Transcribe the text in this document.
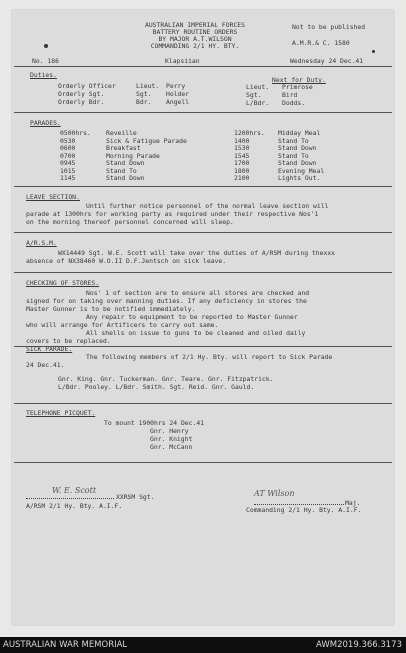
AUSTRALIAN IMPERIAL FORCES
BATTERY ROUTINE ORDERS
BY MAJOR A.T.WILSON
COMMANDING 2/1 HY. BTY.
Not to be published
A.M.R.& C. 1580
No. 186	Klapsiian	Wednesday 24 Dec.41
Duties.
Next for Duty.
Orderly Officer	Lieut. Perry	Lieut. Primrose
Orderly Sgt.	Sgt. Holder	Sgt.	Bird
Orderly Bdr.	Bdr. Angell	L/Bdr. Dodds.
PARADES.
0500hrs. Reveille
0530	Sick & Fatigue Parade
0600	Breakfast
0700	Morning Parade
0945	Stand Down
1015	Stand To
1145	Stand Down
1200hrs. Midday Meal
1400	Stand To
1530	Stand Down
1545	Stand To
1700	Stand Down
1800	Evening Meal
2100	Lights Out.
LEAVE SECTION.
Until further notice personnel of the normal leave section will
parade at 1300hrs for working party as required under their respective Nos'1
on the morning thereof personnel concerned will sleep.
A/R.S.M.
WX14449 Sgt. W.E. Scott will take over the duties of A/RSM during thexxx
absence of NX38460 W.O.II D.F.Jentsch on sick leave.
CHECKING OF STORES.
Nos' 1 of section are to ensure all stores are checked and
signed for on taking over manning duties. If any deficiency in stores the
Master Gunner is to be notified immediately.
Any repair to equipment to be reported to Master Gunner
who will arrange for Artificers to carry out same.
All shells on issue to guns to be cleaned and oiled daily
covers to be replaced.
SICK PARADE.
The following members of 2/1 Hy. Bty. will report to Sick Parade
24 Dec.41.
Gnr. King. Gnr. Tuckerman. Gnr. Teare. Gnr. Fitzpatrick.
L/Bdr. Pooley. L/Bdr. Smith. Sgt. Reid. Gnr. Gauld.
TELEPHONE PICQUET.
To mount 1900hrs 24 Dec.41
Gnr. Henry
Gnr. Knight
Gnr. McCann
W. E. Scott
XXRSM Sgt.
A/RSM 2/1 Hy. Bty. A.I.F.
AT Wilson
Maj.
Commanding 2/1 Hy. Bty. A.I.F.
AUSTRALIAN WAR MEMORIAL	AWM2019.366.3173
